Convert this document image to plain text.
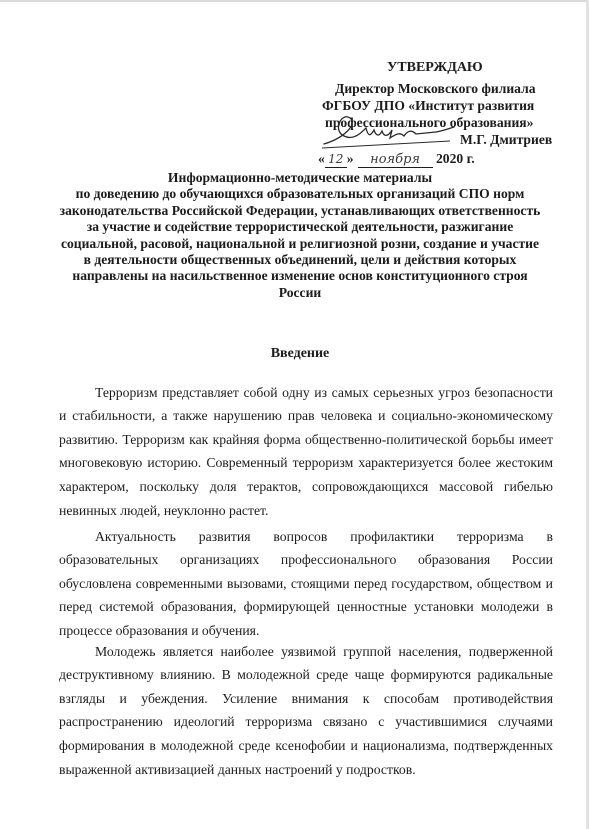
УТВЕРЖДАЮ
Директор Московского филиала
ФГБОУ ДПО «Институт развития
профессионального образования»
М.Г. Дмитриев
« 12 » ноября 2020 г.
Информационно-методические материалы
по доведению до обучающихся образовательных организаций СПО норм
законодательства Российской Федерации, устанавливающих ответственность
за участие и содействие террористической деятельности, разжигание
социальной, расовой, национальной и религиозной розни, создание и участие
в деятельности общественных объединений, цели и действия которых
направлены на насильственное изменение основ конституционного строя
России
Введение

Терроризм представляет собой одну из самых серьезных угроз безопасности и стабильности, а также нарушению прав человека и социально-экономическому развитию. Терроризм как крайняя форма общественно-политической борьбы имеет многовековую историю. Современный терроризм характеризуется более жестоким характером, поскольку доля терактов, сопровождающихся массовой гибелью невинных людей, неуклонно растет.

Актуальность развития вопросов профилактики терроризма в образовательных организациях профессионального образования России обусловлена современными вызовами, стоящими перед государством, обществом и перед системой образования, формирующей ценностные установки молодежи в процессе образования и обучения.

Молодежь является наиболее уязвимой группой населения, подверженной деструктивному влиянию. В молодежной среде чаще формируются радикальные взгляды и убеждения. Усиление внимания к способам противодействия распространению идеологий терроризма связано с участившимися случаями формирования в молодежной среде ксенофобии и национализма, подтвержденных выраженной активизацией данных настроений у подростков.
